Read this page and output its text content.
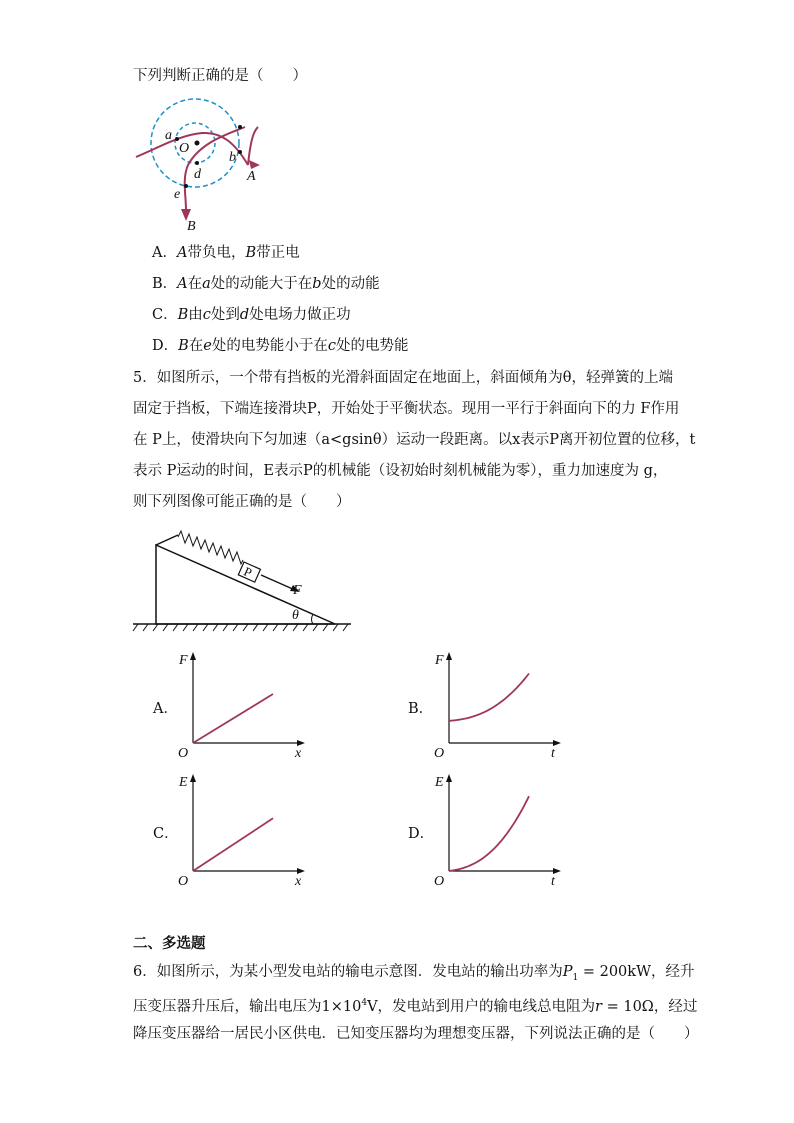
下列判断正确的是（　　）
a
O
d
b
A
e
B
A．A带负电，B带正电
B．A在a处的动能大于在b处的动能
C．B由c处到d处电场力做正功
D．B在e处的电势能小于在c处的电势能
5．如图所示，一个带有挡板的光滑斜面固定在地面上，斜面倾角为θ，轻弹簧的上端
固定于挡板，下端连接滑块P，开始处于平衡状态。现用一平行于斜面向下的力 F作用
在 P上，使滑块向下匀加速（a<gsinθ）运动一段距离。以x表示P离开初位置的位移，t
表示 P运动的时间，E表示P的机械能（设初始时刻机械能为零），重力加速度为 g，
则下列图像可能正确的是（　　）
P
F
θ
A．
F
x
O
B．
F
t
O
C．
E
x
O
D．
E
t
O
二、多选题
6．如图所示，为某小型发电站的输电示意图．发电站的输出功率为$P_1 = 200kW$，经升
压变压器升压后，输出电压为$1\times 10^4V$，发电站到用户的输电线总电阻为r = 10Ω，经过
降压变压器给一居民小区供电．已知变压器均为理想变压器，下列说法正确的是（　　）
